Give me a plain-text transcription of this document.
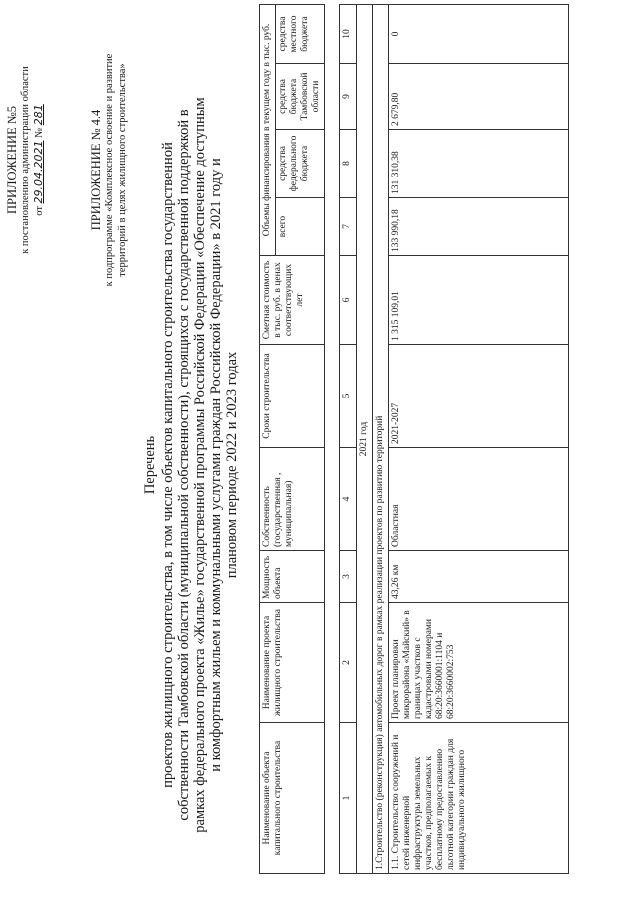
ПРИЛОЖЕНИЕ №5 к постановлению администрации области от 29.04.2021 № 281	ПРИЛОЖЕНИЕ № 4.4 к подпрограмме «Комплексное освоение и развитие территорий в целях жилищного строительства»
Перечень проектов жилищного строительства, в том числе объектов капитального строительства государственной собственности Тамбовской области (муниципальной собственности), строящихся с государственной поддержкой в рамках федерального проекта «Жилье» государственной программы Российской Федерации «Обеспечение доступным и комфортным жильем и коммунальными услугами граждан Российской Федерации» в 2021 году и плановом периоде 2022 и 2023 годах
Наименование объекта капитального строительства	Наименование проекта жилищного строительства	Мощность объекта	Собственность (государственная , муниципальная)	Сроки строительства	Сметная стоимость в тыс. руб. в ценах соответствующих лет	Объемы финансирования в текущем году в тыс. руб.			
						всего	средства федерального бюджета	средства бюджета Тамбовской области	средства местного бюджета

1	2	3	4	5	6	7	8	9	10
2021 год									
1.Строительство (реконструкция) автомобильных дорог в рамках реализации проектов по развитию территорий									
1.1. Строительство сооружений и сетей инженерной инфраструктуры земельных участков, предполагаемых к бесплатному предоставлению льготной категории граждан для индивидуального жилищного	Проект планировки микрорайона «Майский» в границах участков с кадастровыми номерами 68:20:3660001:1104 и 68:20:3660002:753	43,26 км	Областная	2021-2027	1 315 109,01	133 990,18	131 310,38	2 679,80	0
